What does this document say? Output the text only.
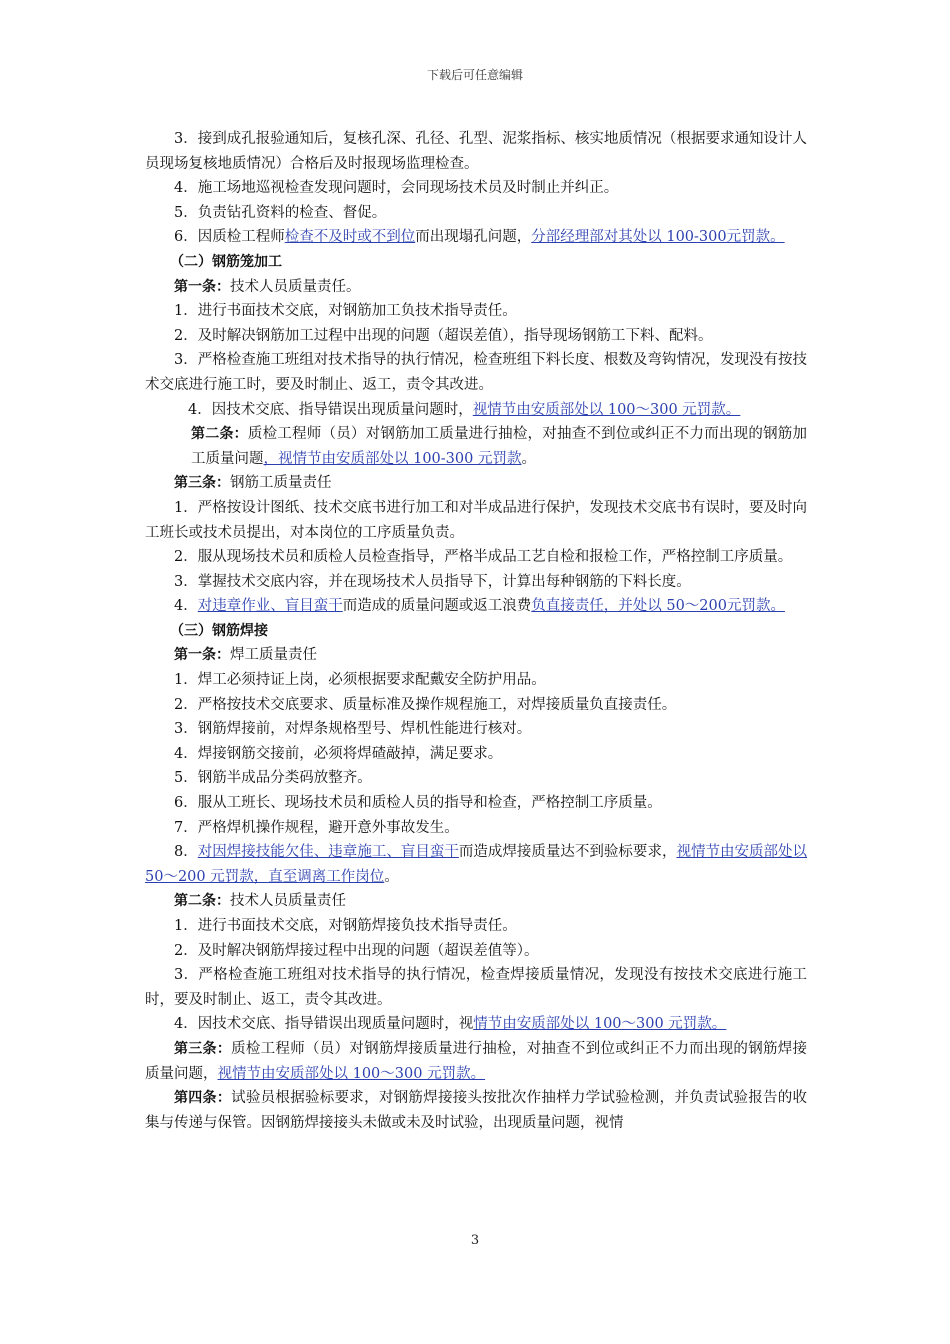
下载后可任意编辑

3．接到成孔报验通知后，复核孔深、孔径、孔型、泥浆指标、核实地质情况（根据要求通知设计人员现场复核地质情况）合格后及时报现场监理检查。

4．施工场地巡视检查发现问题时，会同现场技术员及时制止并纠正。

5．负责钻孔资料的检查、督促。

6．因质检工程师检查不及时或不到位而出现塌孔问题，分部经理部对其处以 100-300元罚款。

（二）钢筋笼加工

第一条：技术人员质量责任。

1．进行书面技术交底，对钢筋加工负技术指导责任。

2．及时解决钢筋加工过程中出现的问题（超误差值），指导现场钢筋工下料、配料。

3．严格检查施工班组对技术指导的执行情况，检查班组下料长度、根数及弯钩情况，发现没有按技术交底进行施工时，要及时制止、返工，责令其改进。

4．因技术交底、指导错误出现质量问题时，视情节由安质部处以 100～300 元罚款。

第二条：质检工程师（员）对钢筋加工质量进行抽检，对抽查不到位或纠正不力而出现的钢筋加工质量问题，视情节由安质部处以 100-300 元罚款。

第三条：钢筋工质量责任

1．严格按设计图纸、技术交底书进行加工和对半成品进行保护，发现技术交底书有误时，要及时向工班长或技术员提出，对本岗位的工序质量负责。

2．服从现场技术员和质检人员检查指导，严格半成品工艺自检和报检工作，严格控制工序质量。

3．掌握技术交底内容，并在现场技术人员指导下，计算出每种钢筋的下料长度。

4．对违章作业、盲目蛮干而造成的质量问题或返工浪费负直接责任，并处以 50～200元罚款。

（三）钢筋焊接

第一条：焊工质量责任

1．焊工必须持证上岗，必须根据要求配戴安全防护用品。

2．严格按技术交底要求、质量标准及操作规程施工，对焊接质量负直接责任。

3．钢筋焊接前，对焊条规格型号、焊机性能进行核对。

4．焊接钢筋交接前，必须将焊碴敲掉，满足要求。

5．钢筋半成品分类码放整齐。

6．服从工班长、现场技术员和质检人员的指导和检查，严格控制工序质量。

7．严格焊机操作规程，避开意外事故发生。

8．对因焊接技能欠佳、违章施工、盲目蛮干而造成焊接质量达不到验标要求，视情节由安质部处以 50～200 元罚款，直至调离工作岗位。

第二条：技术人员质量责任

1．进行书面技术交底，对钢筋焊接负技术指导责任。

2．及时解决钢筋焊接过程中出现的问题（超误差值等）。

3．严格检查施工班组对技术指导的执行情况，检查焊接质量情况，发现没有按技术交底进行施工时，要及时制止、返工，责令其改进。

4．因技术交底、指导错误出现质量问题时，视情节由安质部处以 100～300 元罚款。

第三条：质检工程师（员）对钢筋焊接质量进行抽检，对抽查不到位或纠正不力而出现的钢筋焊接质量问题，视情节由安质部处以 100～300 元罚款。

第四条：试验员根据验标要求，对钢筋焊接接头按批次作抽样力学试验检测，并负责试验报告的收集与传递与保管。因钢筋焊接接头未做或未及时试验，出现质量问题，视情

3
